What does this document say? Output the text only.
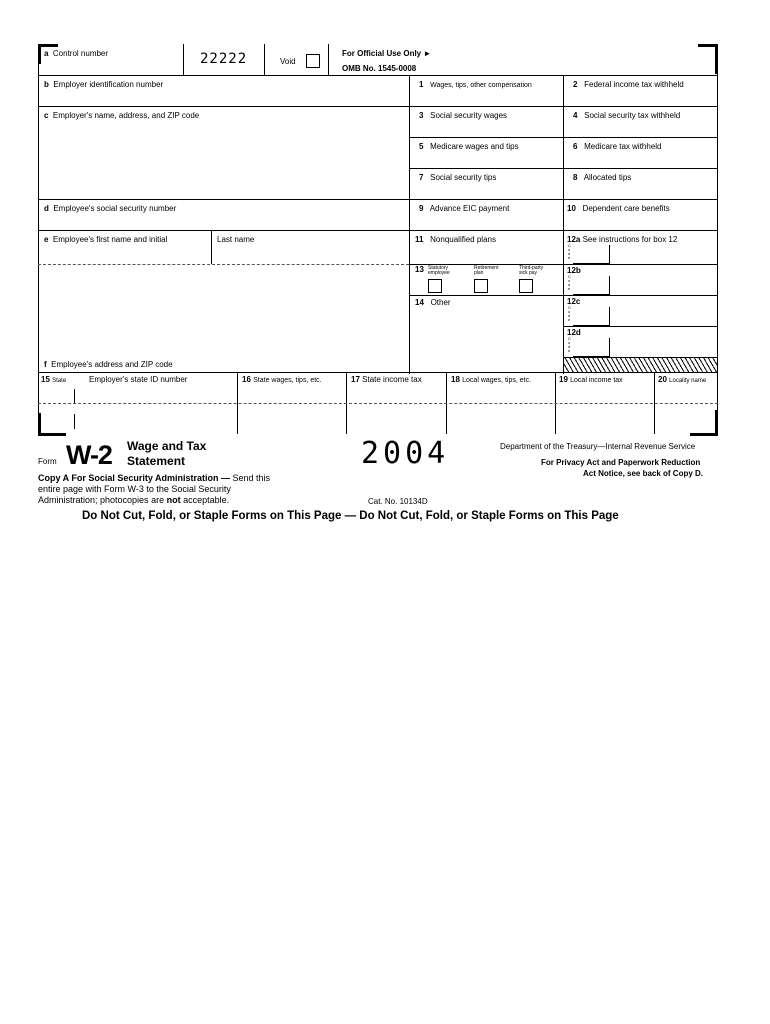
a Control number	22222	Void
For Official Use Only ►
OMB No. 1545-0008
b Employer identification number
c Employer's name, address, and ZIP code
d Employee's social security number
e Employee's first name and initial	Last name
f Employee's address and ZIP code
1 Wages, tips, other compensation	2 Federal income tax withheld
3 Social security wages	4 Social security tax withheld
5 Medicare wages and tips	6 Medicare tax withheld
7 Social security tips	8 Allocated tips
9 Advance EIC payment	10 Dependent care benefits
11 Nonqualified plans	12a See instructions for box 12
12b
12c
12d
Code
Code
Code
Code
13 Statutory employee
Retirement plan
Third-party sick pay
14 Other
15 State	Employer's state ID number	16 State wages, tips, etc.	17 State income tax	18 Local wages, tips, etc.	19 Local income tax	20 Locality name
Form W-2 Wage and Tax
Statement	2004	Department of the Treasury—Internal Revenue Service
For Privacy Act and Paperwork Reduction
Act Notice, see back of Copy D.
Copy A For Social Security Administration — Send this
entire page with Form W-3 to the Social Security
Administration; photocopies are not acceptable.	Cat. No. 10134D
Do Not Cut, Fold, or Staple Forms on This Page — Do Not Cut, Fold, or Staple Forms on This Page
